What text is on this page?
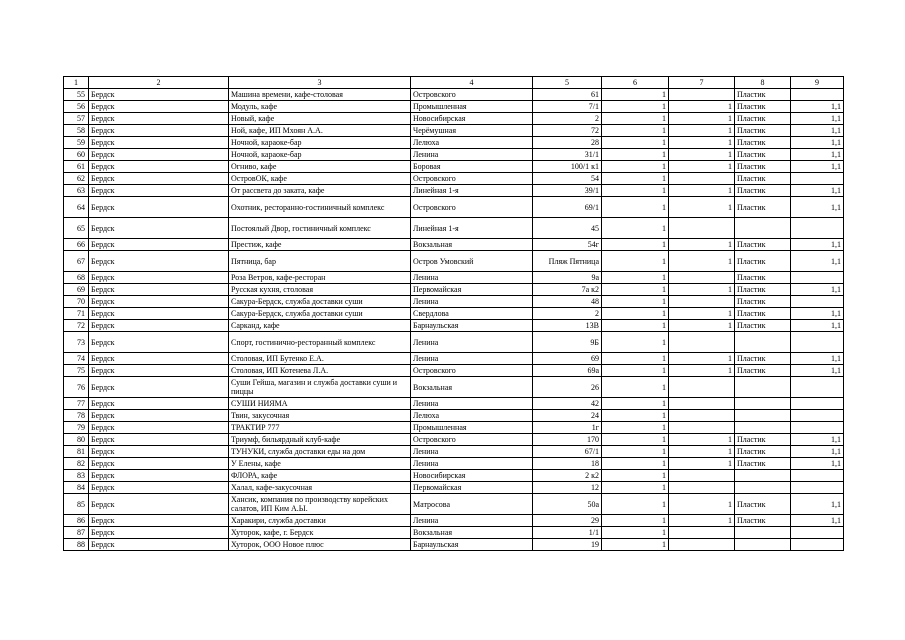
1	2	3	4	5	6	7	8	9
55	Бердск	Машина времени, кафе-столовая	Островского	61	1		Пластик	
56	Бердск	Модуль, кафе	Промышленная	7/1	1	1	Пластик	1,1
57	Бердск	Новый, кафе	Новосибирская	2	1	1	Пластик	1,1
58	Бердск	Ной, кафе, ИП Мхоян А.А.	Черёмушная	72	1	1	Пластик	1,1
59	Бердск	Ночной, караоке-бар	Лелюха	28	1	1	Пластик	1,1
60	Бердск	Ночной, караоке-бар	Ленина	31/1	1	1	Пластик	1,1
61	Бердск	Огниво, кафе	Боровая	100/1 к1	1	1	Пластик	1,1
62	Бердск	ОстровОК, кафе	Островского	54	1		Пластик	
63	Бердск	От рассвета до заката, кафе	Линейная 1-я	39/1	1	1	Пластик	1,1
64	Бердск	Охотник, ресторанно-гостиничный комплекс	Островского	69/1	1	1	Пластик	1,1
65	Бердск	Постоялый Двор, гостиничный комплекс	Линейная 1-я	45	1			
66	Бердск	Престиж, кафе	Вокзальная	54г	1	1	Пластик	1,1
67	Бердск	Пятница, бар	Остров Умовский	Пляж Пятница	1	1	Пластик	1,1
68	Бердск	Роза Ветров, кафе-ресторан	Ленина	9а	1		Пластик	
69	Бердск	Русская кухня, столовая	Первомайская	7а к2	1	1	Пластик	1,1
70	Бердск	Сакура-Бердск, служба доставки суши	Ленина	48	1		Пластик	
71	Бердск	Сакура-Бердск, служба доставки суши	Свердлова	2	1	1	Пластик	1,1
72	Бердск	Сарканд, кафе	Барнаульская	13В	1	1	Пластик	1,1
73	Бердск	Спорт, гостинично-ресторанный комплекс	Ленина	9Б	1			
74	Бердск	Столовая, ИП Бутенко Е.А.	Ленина	69	1	1	Пластик	1,1
75	Бердск	Столовая, ИП Котенева Л.А.	Островского	69а	1	1	Пластик	1,1
76	Бердск	Суши Гейша, магазин и служба доставки суши и пиццы	Вокзальная	26	1			
77	Бердск	СУШИ НИЯМА	Ленина	42	1			
78	Бердск	Твин, закусочная	Лелюха	24	1			
79	Бердск	ТРАКТИР 777	Промышленная	1г	1			
80	Бердск	Триумф, бильярдный клуб-кафе	Островского	170	1	1	Пластик	1,1
81	Бердск	ТУНУКИ, служба доставки еды на дом	Ленина	67/1	1	1	Пластик	1,1
82	Бердск	У Елены, кафе	Ленина	18	1	1	Пластик	1,1
83	Бердск	ФЛОРА, кафе	Новосибирская	2 к2	1			
84	Бердск	Халал, кафе-закусочная	Первомайская	12	1			
85	Бердск	Хансик, компания по производству корейских салатов, ИП Ким А.Ы.	Матросова	50а	1	1	Пластик	1,1
86	Бердск	Харакири, служба доставки	Ленина	29	1	1	Пластик	1,1
87	Бердск	Хуторок, кафе, г. Бердск	Вокзальная	1/1	1			
88	Бердск	Хуторок, ООО Новое плюс	Барнаульская	19	1			
